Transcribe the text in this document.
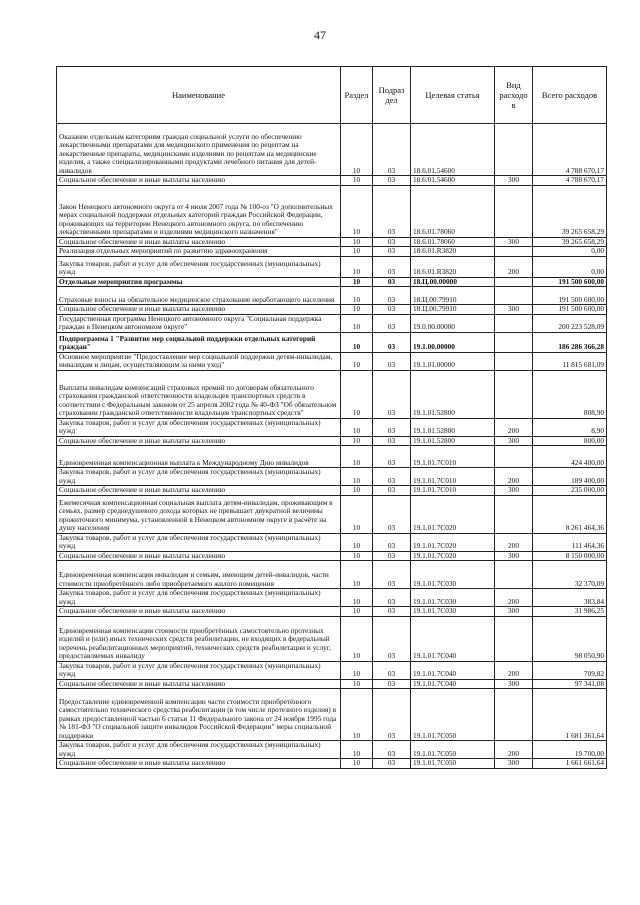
47
Наименование	Раздел	Подраз дел	Целевая статья	Вид расходо в	Всего расходов
Оказание отдельным категориям граждан социальной услуги по обеспечению лекарственными препаратами для медицинского применения по рецептам на лекарственные препараты, медицинскими изделиями по рецептам на медицинские изделия, а также специализированными продуктами лечебного питания для детей-инвалидов	10	03	18.6.01.54600		4 788 670,17
Социальное обеспечение и иные выплаты населению	10	03	18.6.01.54600	300	4 788 670,17
Закон Ненецкого автономного округа от 4 июля 2007 года № 100-оз "О дополнительных мерах социальной поддержки отдельных категорий граждан Российской Федерации, проживающих на территории Ненецкого автономного округа, по обеспечению лекарственными препаратами и изделиями медицинского назначения"	10	03	18.6.01.78060		39 265 658,29
Социальное обеспечение и иные выплаты населению	10	03	18.6.01.78060	300	39 265 658,29
Реализация отдельных мероприятий по развитию здравоохранения	10	03	18.6.01.R3820		0,00
Закупка товаров, работ и услуг для обеспечения государственных (муниципальных) нужд	10	03	18.6.01.R3820	200	0,00
Отдельные мероприятия программы	10	03	18.Ц.00.00000		191 500 600,00
Страховые взносы на обязательное медицинское страхование неработающего населения	10	03	18.Ц.00.79910		191 500 600,00
Социальное обеспечение и иные выплаты населению	10	03	18.Ц.00.79910	300	191 500 600,00
Государственная программа Ненецкого автономного округа "Социальная поддержка граждан в Ненецком автономном округе"	10	03	19.0.00.00000		200 223 528,09
Подпрограмма 1 "Развитие мер социальной поддержки отдельных категорий граждан"	10	03	19.1.00.00000		186 286 366,28
Основное мероприятие "Предоставление мер социальной поддержки детям-инвалидам, инвалидам и лицам, осуществляющим за ними уход"	10	03	19.1.01.00000		11 815 681,09
Выплаты инвалидам компенсаций страховых премий по договорам обязательного страхования гражданской ответственности владельцев транспортных средств в соответствии с Федеральным законом от 25 апреля 2002 года № 40-ФЗ "Об обязательном страховании гражданской ответственности владельцев транспортных средств"	10	03	19.1.01.52800		808,90
Закупка товаров, работ и услуг для обеспечения государственных (муниципальных) нужд	10	03	19.1.01.52800	200	8,90
Социальное обеспечение и иные выплаты населению	10	03	19.1.01.52800	300	800,00
Единовременная компенсационная выплата к Международному Дню инвалидов	10	03	19.1.01.7С010		424 400,00
Закупка товаров, работ и услуг для обеспечения государственных (муниципальных) нужд	10	03	19.1.01.7С010	200	189 400,00
Социальное обеспечение и иные выплаты населению	10	03	19.1.01.7С010	300	235 000,00
Ежемесячная компенсационная социальная выплата детям-инвалидам, проживающим в семьях, размер среднедушевого дохода которых не превышает двукратной величины прожиточного минимума, установленной в Ненецком автономном округе в расчёте на душу населения	10	03	19.1.01.7С020		8 261 464,36
Закупка товаров, работ и услуг для обеспечения государственных (муниципальных) нужд	10	03	19.1.01.7С020	200	111 464,36
Социальное обеспечение и иные выплаты населению	10	03	19.1.01.7С020	300	8 150 000,00
Единовременная компенсация инвалидам и семьям, имеющим детей-инвалидов, части стоимости приобретённого либо приобретаемого жилого помещения	10	03	19.1.01.7С030		32 370,09
Закупка товаров, работ и услуг для обеспечения государственных (муниципальных) нужд	10	03	19.1.01.7С030	200	383,84
Социальное обеспечение и иные выплаты населению	10	03	19.1.01.7С030	300	31 986,25
Единовременная компенсация стоимости приобретённых самостоятельно протезных изделий и (или) иных технических средств реабилитации, не входящих в федеральный перечень реабилитационных мероприятий, технических средств реабилитации и услуг, предоставляемых инвалиду	10	03	19.1.01.7С040		98 050,90
Закупка товаров, работ и услуг для обеспечения государственных (муниципальных) нужд	10	03	19.1.01.7С040	200	709,82
Социальное обеспечение и иные выплаты населению	10	03	19.1.01.7С040	300	97 341,08
Предоставление единовременной компенсации части стоимости приобретённого самостоятельно технического средства реабилитации (в том числе протезного изделия) в рамках предоставленной частью 6 статьи 11 Федерального закона от 24 ноября 1995 года № 181-ФЗ "О социальной защите инвалидов Российской Федерации" меры социальной поддержки	10	03	19.1.01.7С050		1 681 361,64
Закупка товаров, работ и услуг для обеспечения государственных (муниципальных) нужд	10	03	19.1.01.7С050	200	19 700,00
Социальное обеспечение и иные выплаты населению	10	03	19.1.01.7С050	300	1 661 661,64
